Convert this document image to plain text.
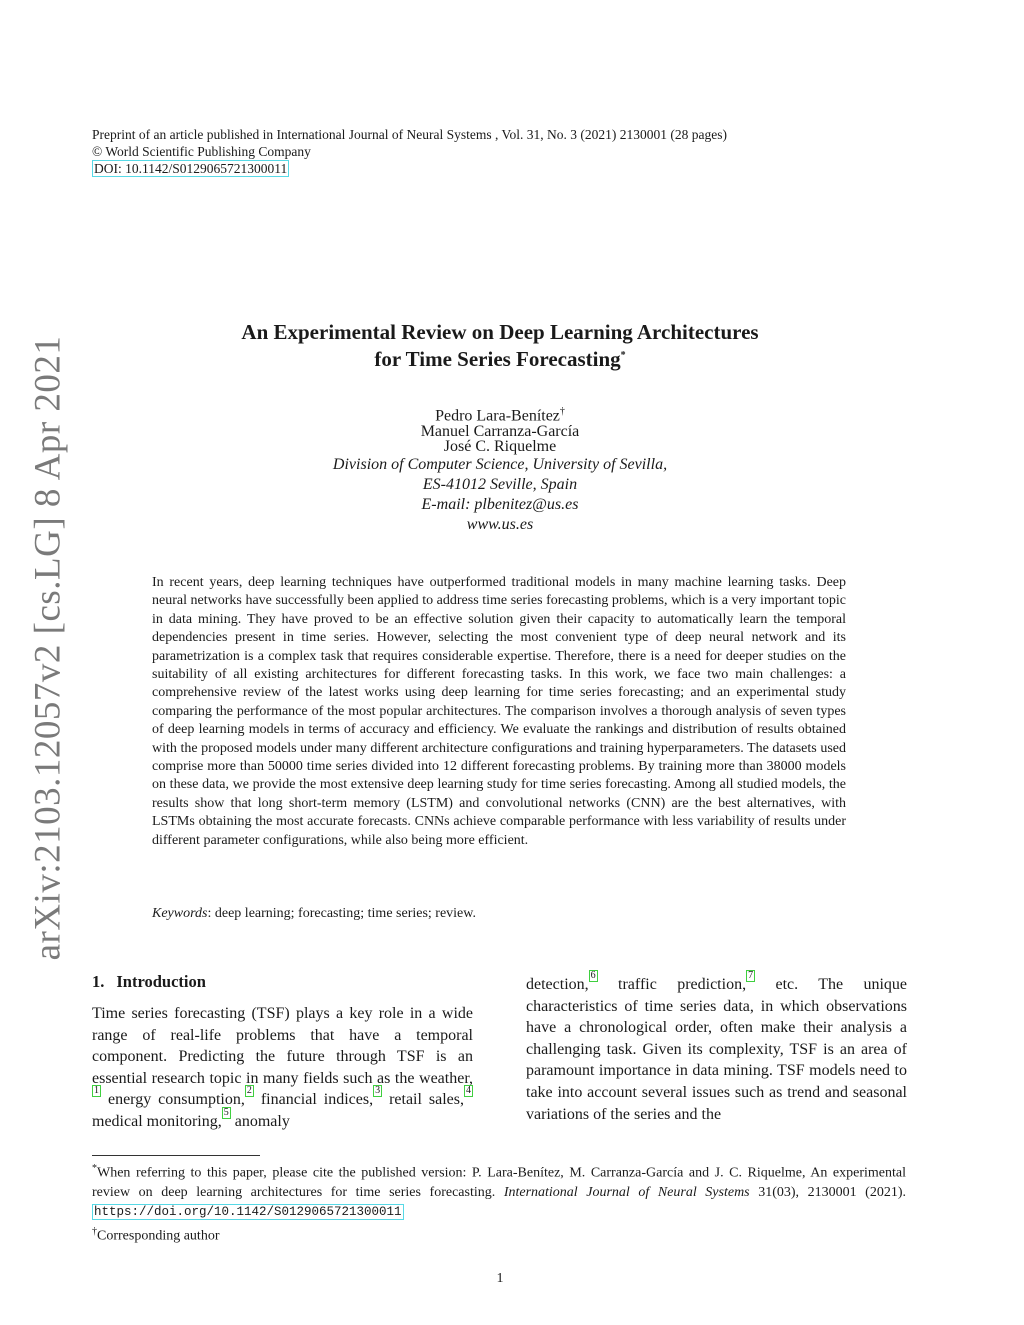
arXiv:2103.12057v2 [cs.LG] 8 Apr 2021
Preprint of an article published in International Journal of Neural Systems , Vol. 31, No. 3 (2021) 2130001 (28 pages)
© World Scientific Publishing Company
DOI: 10.1142/S0129065721300011
An Experimental Review on Deep Learning Architectures
for Time Series Forecasting*
Pedro Lara-Benítez†
Manuel Carranza-García
José C. Riquelme
Division of Computer Science, University of Sevilla,
ES-41012 Seville, Spain
E-mail: plbenitez@us.es
www.us.es

In recent years, deep learning techniques have outperformed traditional models in many machine learning tasks. Deep neural networks have successfully been applied to address time series forecasting problems, which is a very important topic in data mining. They have proved to be an effective solution given their capacity to automatically learn the temporal dependencies present in time series. However, selecting the most convenient type of deep neural network and its parametrization is a complex task that requires considerable expertise. Therefore, there is a need for deeper studies on the suitability of all existing architectures for different forecasting tasks. In this work, we face two main challenges: a comprehensive review of the latest works using deep learning for time series forecasting; and an experimental study comparing the performance of the most popular architectures. The comparison involves a thorough analysis of seven types of deep learning models in terms of accuracy and efficiency. We evaluate the rankings and distribution of results obtained with the proposed models under many different architecture configurations and training hyperparameters. The datasets used comprise more than 50000 time series divided into 12 different forecasting problems. By training more than 38000 models on these data, we provide the most extensive deep learning study for time series forecasting. Among all studied models, the results show that long short-term memory (LSTM) and convolutional networks (CNN) are the best alternatives, with LSTMs obtaining the most accurate forecasts. CNNs achieve comparable performance with less variability of results under different parameter configurations, while also being more efficient.

Keywords: deep learning; forecasting; time series; review.
1. Introduction

Time series forecasting (TSF) plays a key role in a wide range of real-life problems that have a temporal component. Predicting the future through TSF is an essential research topic in many fields such as the weather,1 energy consumption,2 financial indices,3 retail sales,4 medical monitoring,5 anomaly

detection,6 traffic prediction,7 etc. The unique characteristics of time series data, in which observations have a chronological order, often make their analysis a challenging task. Given its complexity, TSF is an area of paramount importance in data mining. TSF models need to take into account several issues such as trend and seasonal variations of the series and the

*When referring to this paper, please cite the published version: P. Lara-Benítez, M. Carranza-García and J. C. Riquelme, An experimental review on deep learning architectures for time series forecasting. International Journal of Neural Systems 31(03), 2130001 (2021). https://doi.org/10.1142/S0129065721300011
†Corresponding author
1
